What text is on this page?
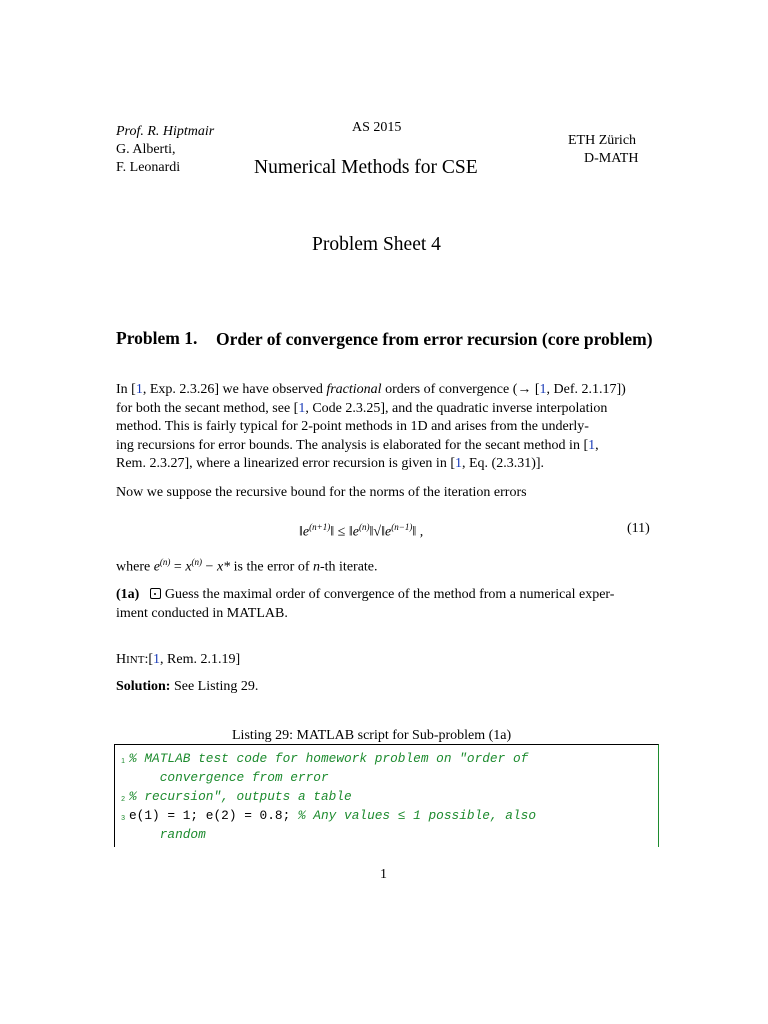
Prof. R. Hiptmair
G. Alberti,
F. Leonardi
AS 2015
Numerical Methods for CSE
ETH Zürich
D-MATH
Problem Sheet 4
Problem 1. Order of convergence from error recursion (core problem)
In [1, Exp. 2.3.26] we have observed fractional orders of convergence (→ [1, Def. 2.1.17])
for both the secant method, see [1, Code 2.3.25], and the quadratic inverse interpolation
method. This is fairly typical for 2-point methods in 1D and arises from the underly-
ing recursions for error bounds. The analysis is elaborated for the secant method in [1,
Rem. 2.3.27], where a linearized error recursion is given in [1, Eq. (2.3.31)].
Now we suppose the recursive bound for the norms of the iteration errors
$‖e^{(n+1)}‖$ ≤ $‖e^{(n)}‖√‖e^{(n-1)}‖$ ,	(11)
where $e^{(n)} = x^{(n)} - x*$ is the error of n-th iterate.
(1a) Guess the maximal order of convergence of the method from a numerical exper-
iment conducted in MATLAB.
HINT:[1, Rem. 2.1.19]
Solution: See Listing 29.
Listing 29: MATLAB script for Sub-problem (1a)
1 % MATLAB test code for homework problem on "order of
convergence from error
2 % recursion", outputs a table
3 e(1) = 1; e(2) = 0.8; % Any values ≤ 1 possible, also
random
1
